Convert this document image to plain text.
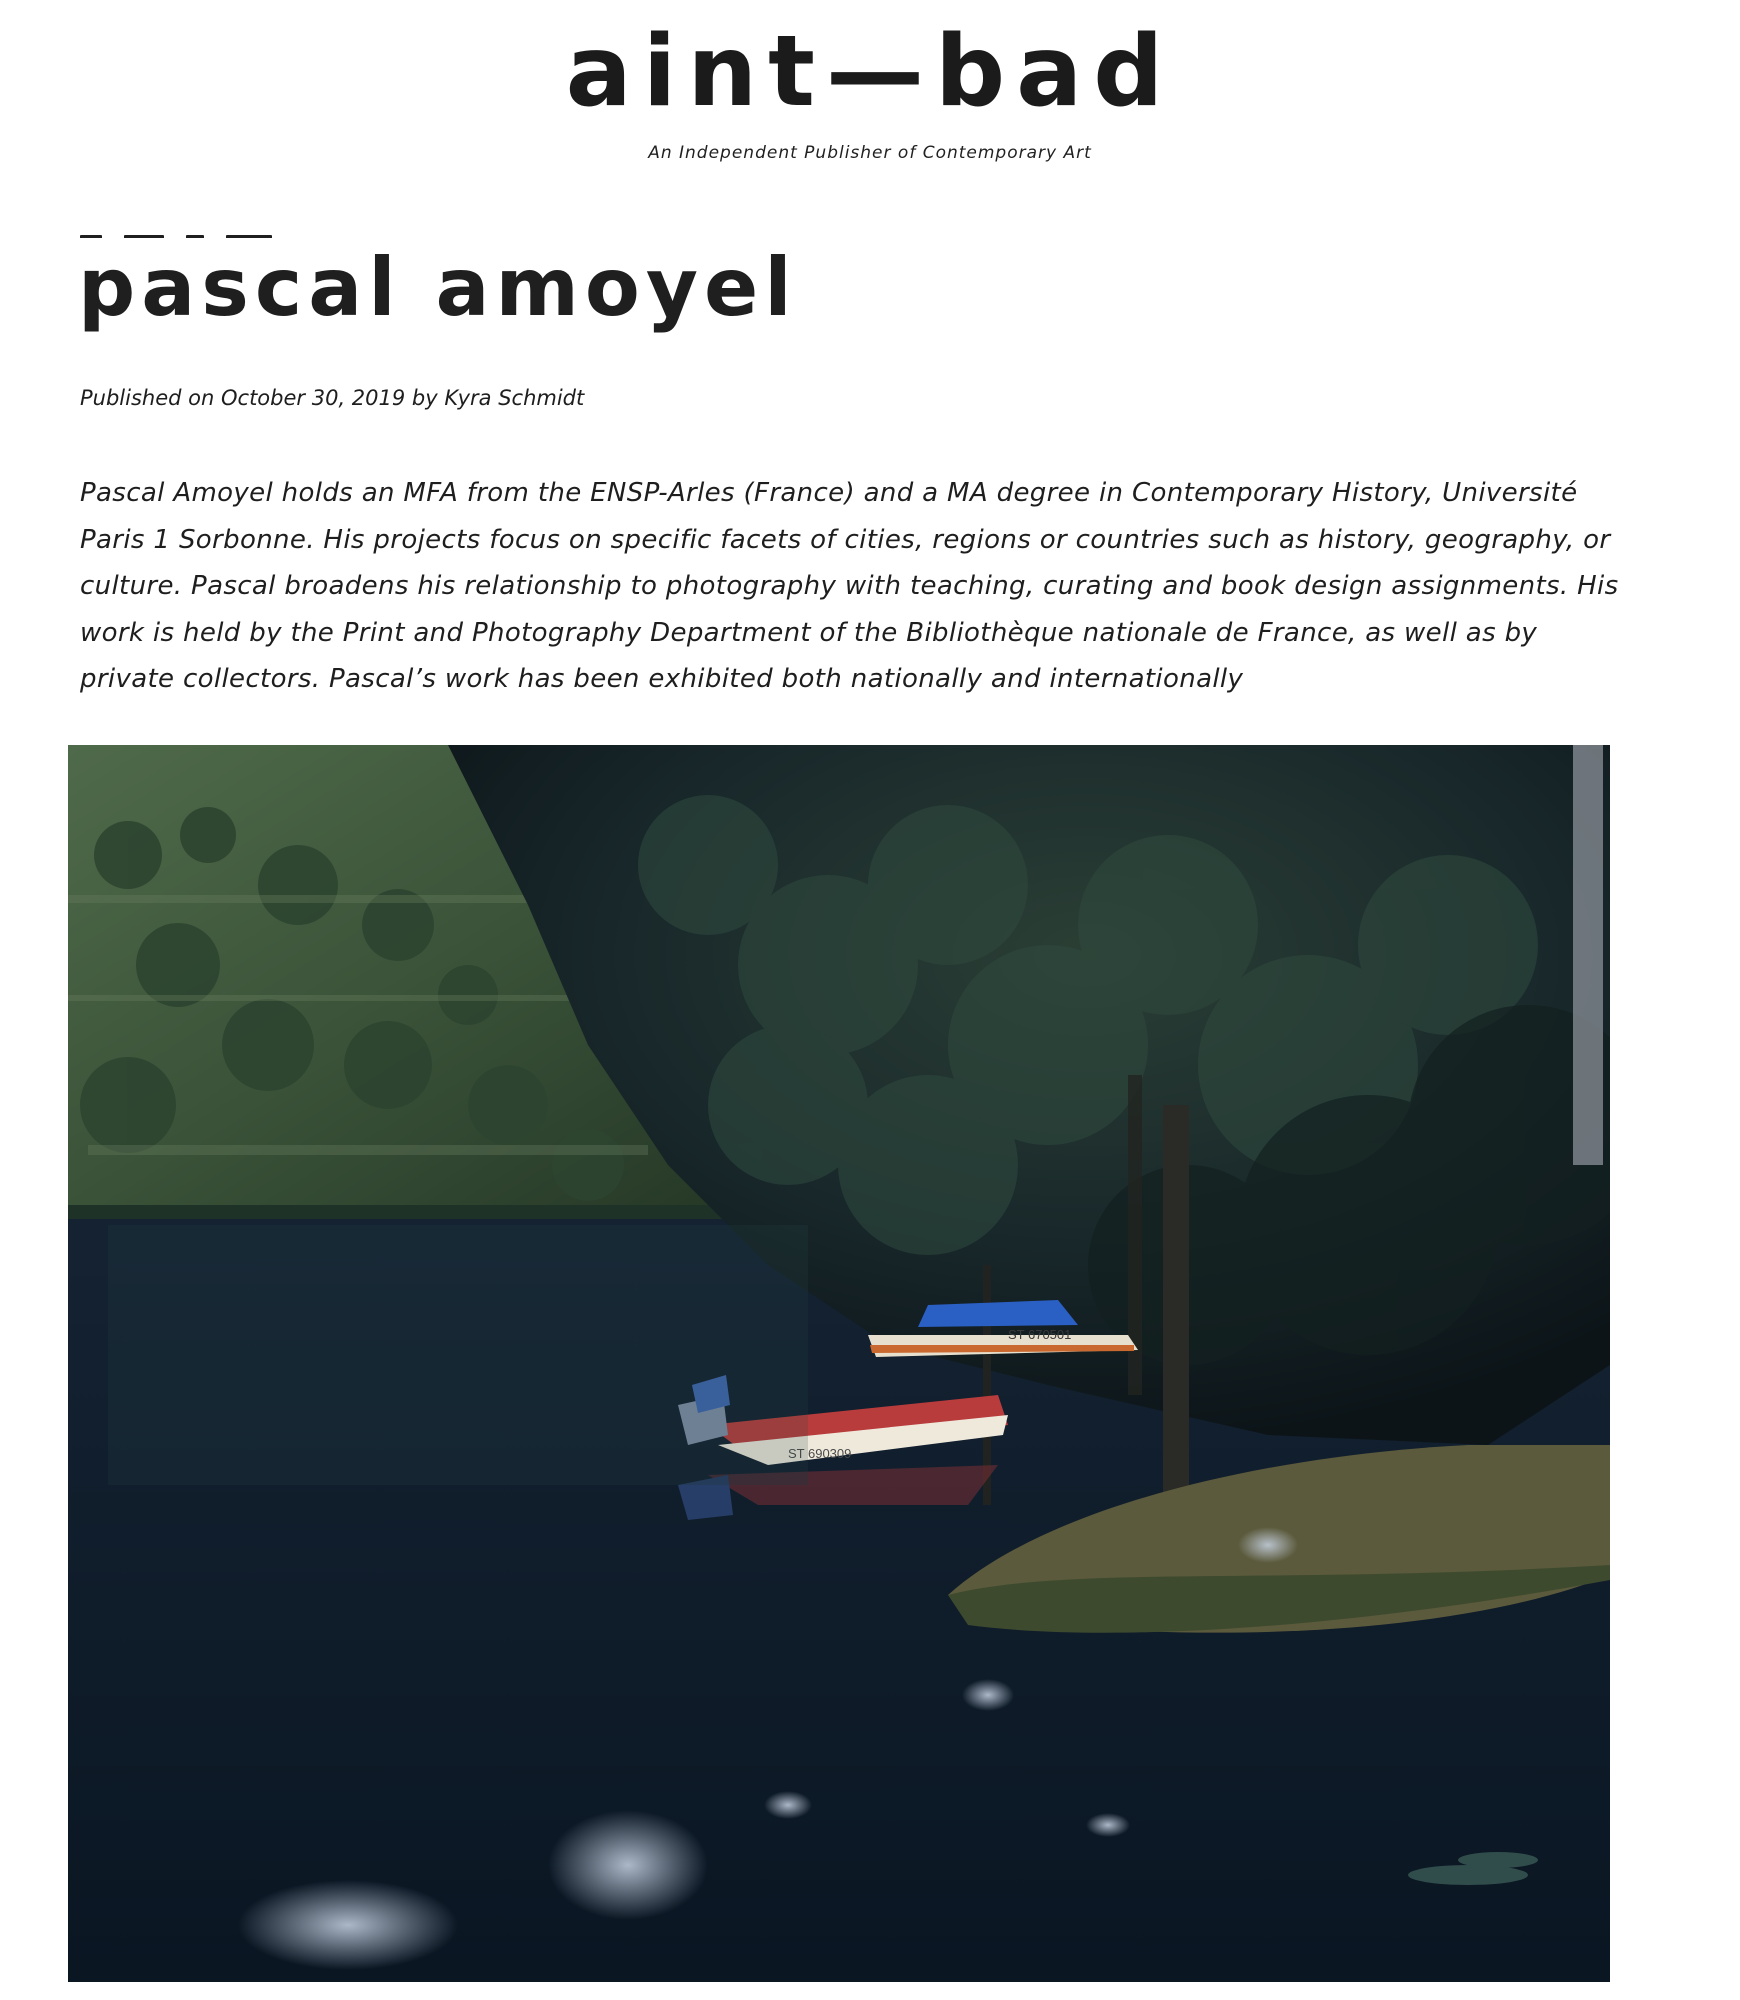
aint—bad
An Independent Publisher of Contemporary Art
pascal amoyel
Published on October 30, 2019 by Kyra Schmidt
Pascal Amoyel holds an MFA from the ENSP-Arles (France) and a MA degree in Contemporary History, Université
Paris 1 Sorbonne. His projects focus on specific facets of cities, regions or countries such as history, geography, or
culture. Pascal broadens his relationship to photography with teaching, curating and book design assignments. His
work is held by the Print and Photography Department of the Bibliothèque nationale de France, as well as by
private collectors. Pascal’s work has been exhibited both nationally and internationally
ST 670501
ST 690309
